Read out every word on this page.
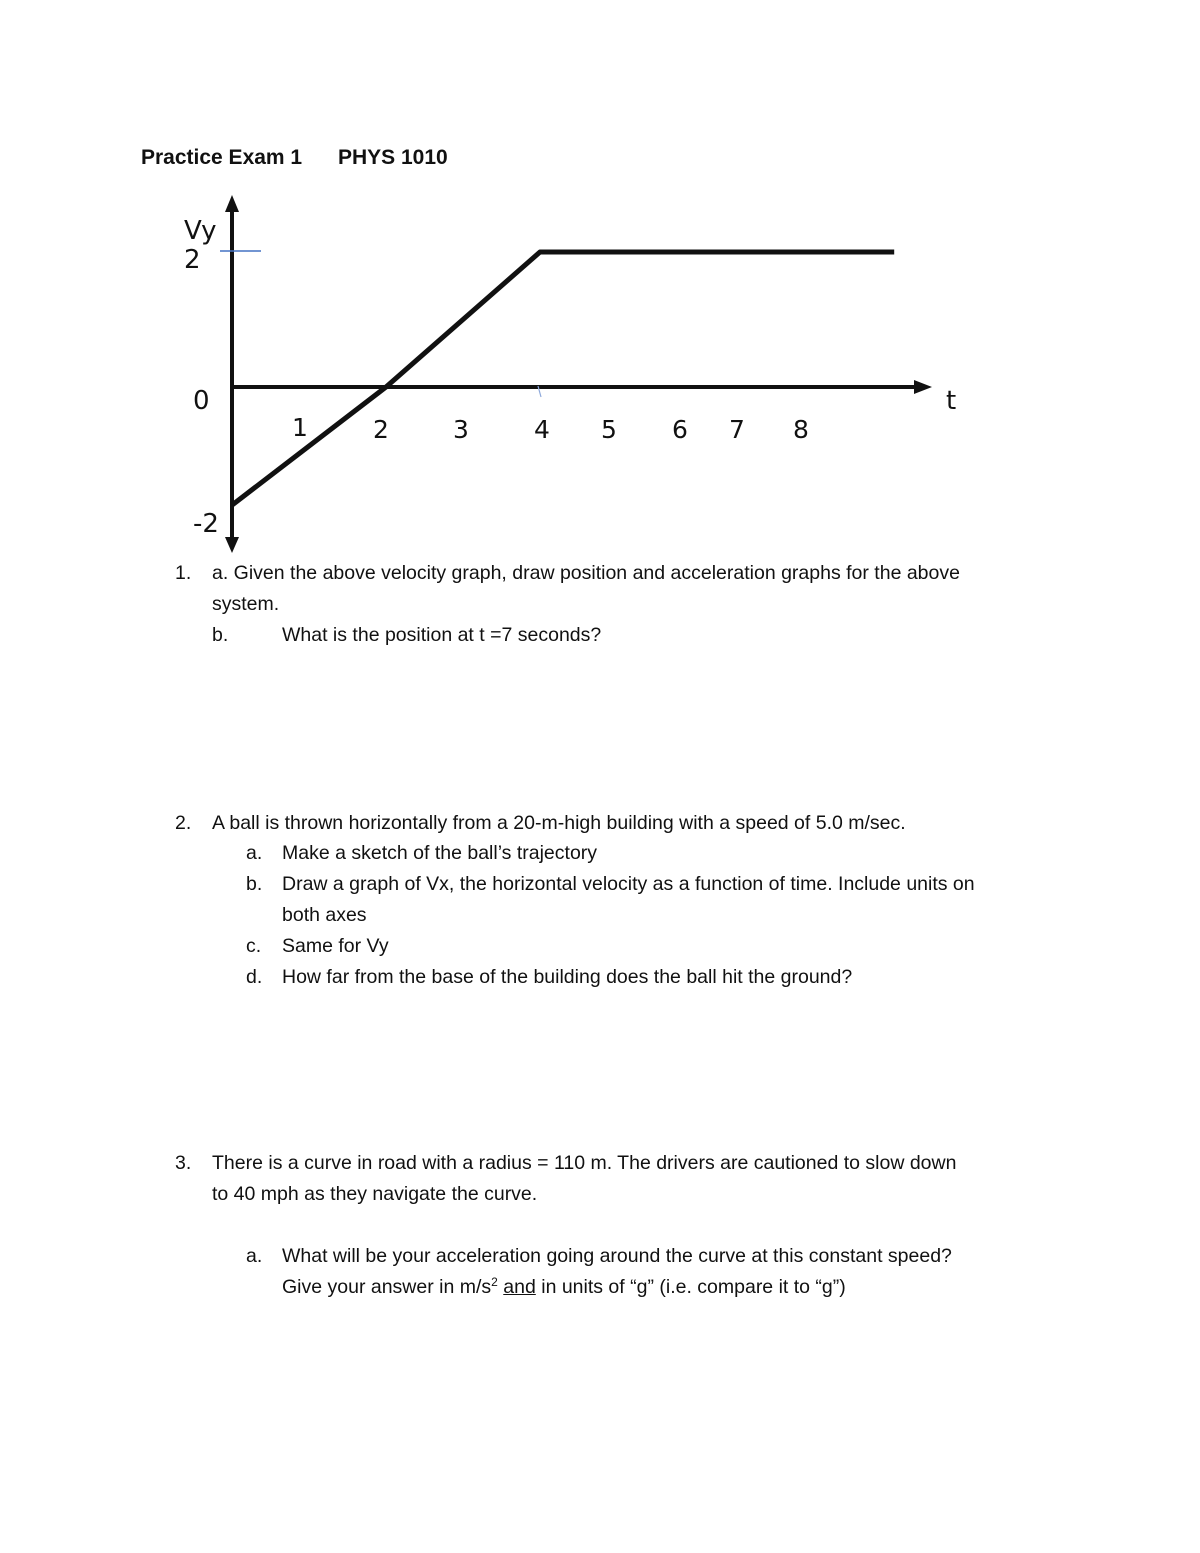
Practice Exam 1 PHYS 1010
Vy
t
2
0
-2
1	2	3	4 5 6 7 8
1. a. Given the above velocity graph, draw position and acceleration graphs for the above
system.
b.	What is the position at t =7 seconds?
2. A ball is thrown horizontally from a 20-m-high building with a speed of 5.0 m/sec.
a. Make a sketch of the ball’s trajectory
b. Draw a graph of Vx, the horizontal velocity as a function of time. Include units on
both axes
c. Same for Vy
d. How far from the base of the building does the ball hit the ground?
3. There is a curve in road with a radius = 110 m. The drivers are cautioned to slow down
to 40 mph as they navigate the curve.
a. What will be your acceleration going around the curve at this constant speed?
Give your answer in $m/s^2$ and in units of “g” (i.e. compare it to “g”)
